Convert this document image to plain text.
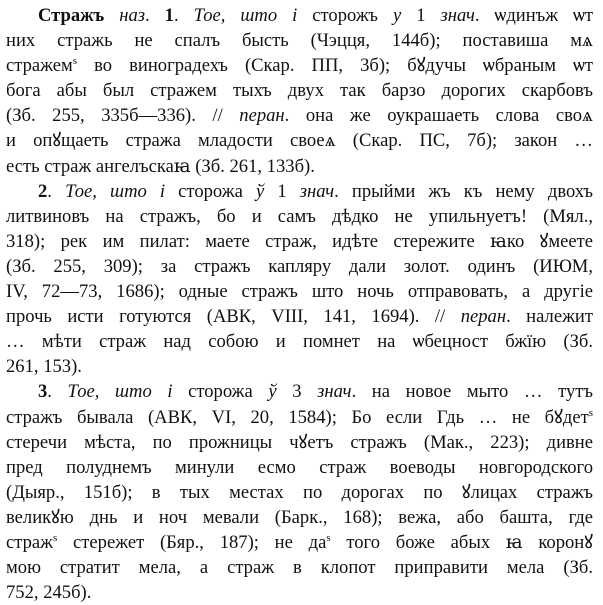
Стражъ наз. 1. Тое, што і сторожъ у 1 знач. ѡдинъж ѡт
них стражь не спалъ бысть (Чэцця, 144б); поставиша мѧ
стражем$^s$ во виноградехъ (Скар. ПП, 3б); бꙋдучы ѡбраным ѡт
бога абы был стражем тыхъ двух так барзо дорогих скарбовъ
(Зб. 255, 335б—336). // перан. она же оукрашаеть слова своѧ
и опꙋщаеть стража младости своеѧ (Скар. ПС, 7б); закон …
есть страж ангелъскаꙗ (Зб. 261, 133б).
2. Тое, што і сторожа ў 1 знач. прыйми жъ къ нему двохъ
литвиновъ на стражъ, бо и самъ дѣдко не упильнуетъ! (Мял.,
318); рек им пилат: маете страж, идѣте стережите ꙗко ꙋмеете
(Зб. 255, 309); за стражъ капляру дали золот. одинъ (ИЮМ,
IV, 72—73, 1686); одные стражъ што ночь отправовать, а другіе
прочь исти готуются (АВК, VIII, 141, 1694). // перан. належит
… мѣти страж над собою и помнет на ѡбецност бжїю (Зб.
261, 153).
3. Тое, што і сторожа ў 3 знач. на новое мыто … тутъ
стражъ бывала (АВК, VI, 20, 1584); Бо если Гдь … не бꙋдет$^s$
стеречи мѣста, по прожницы чꙋетъ стражъ (Мак., 223); дивне
пред полуднемъ минули есмо страж воеводы новгородского
(Дыяр., 151б); в тых местах по дорогах по ꙋлицах стражъ
великꙋю днь и ноч мевали (Барк., 168); вежа, або башта, где
страж$^s$ стережет (Бяр., 187); не $да^s$ того боже абых ꙗ коронꙋ
мою стратит мела, а страж в клопот приправити мела (Зб.
752, 245б).
